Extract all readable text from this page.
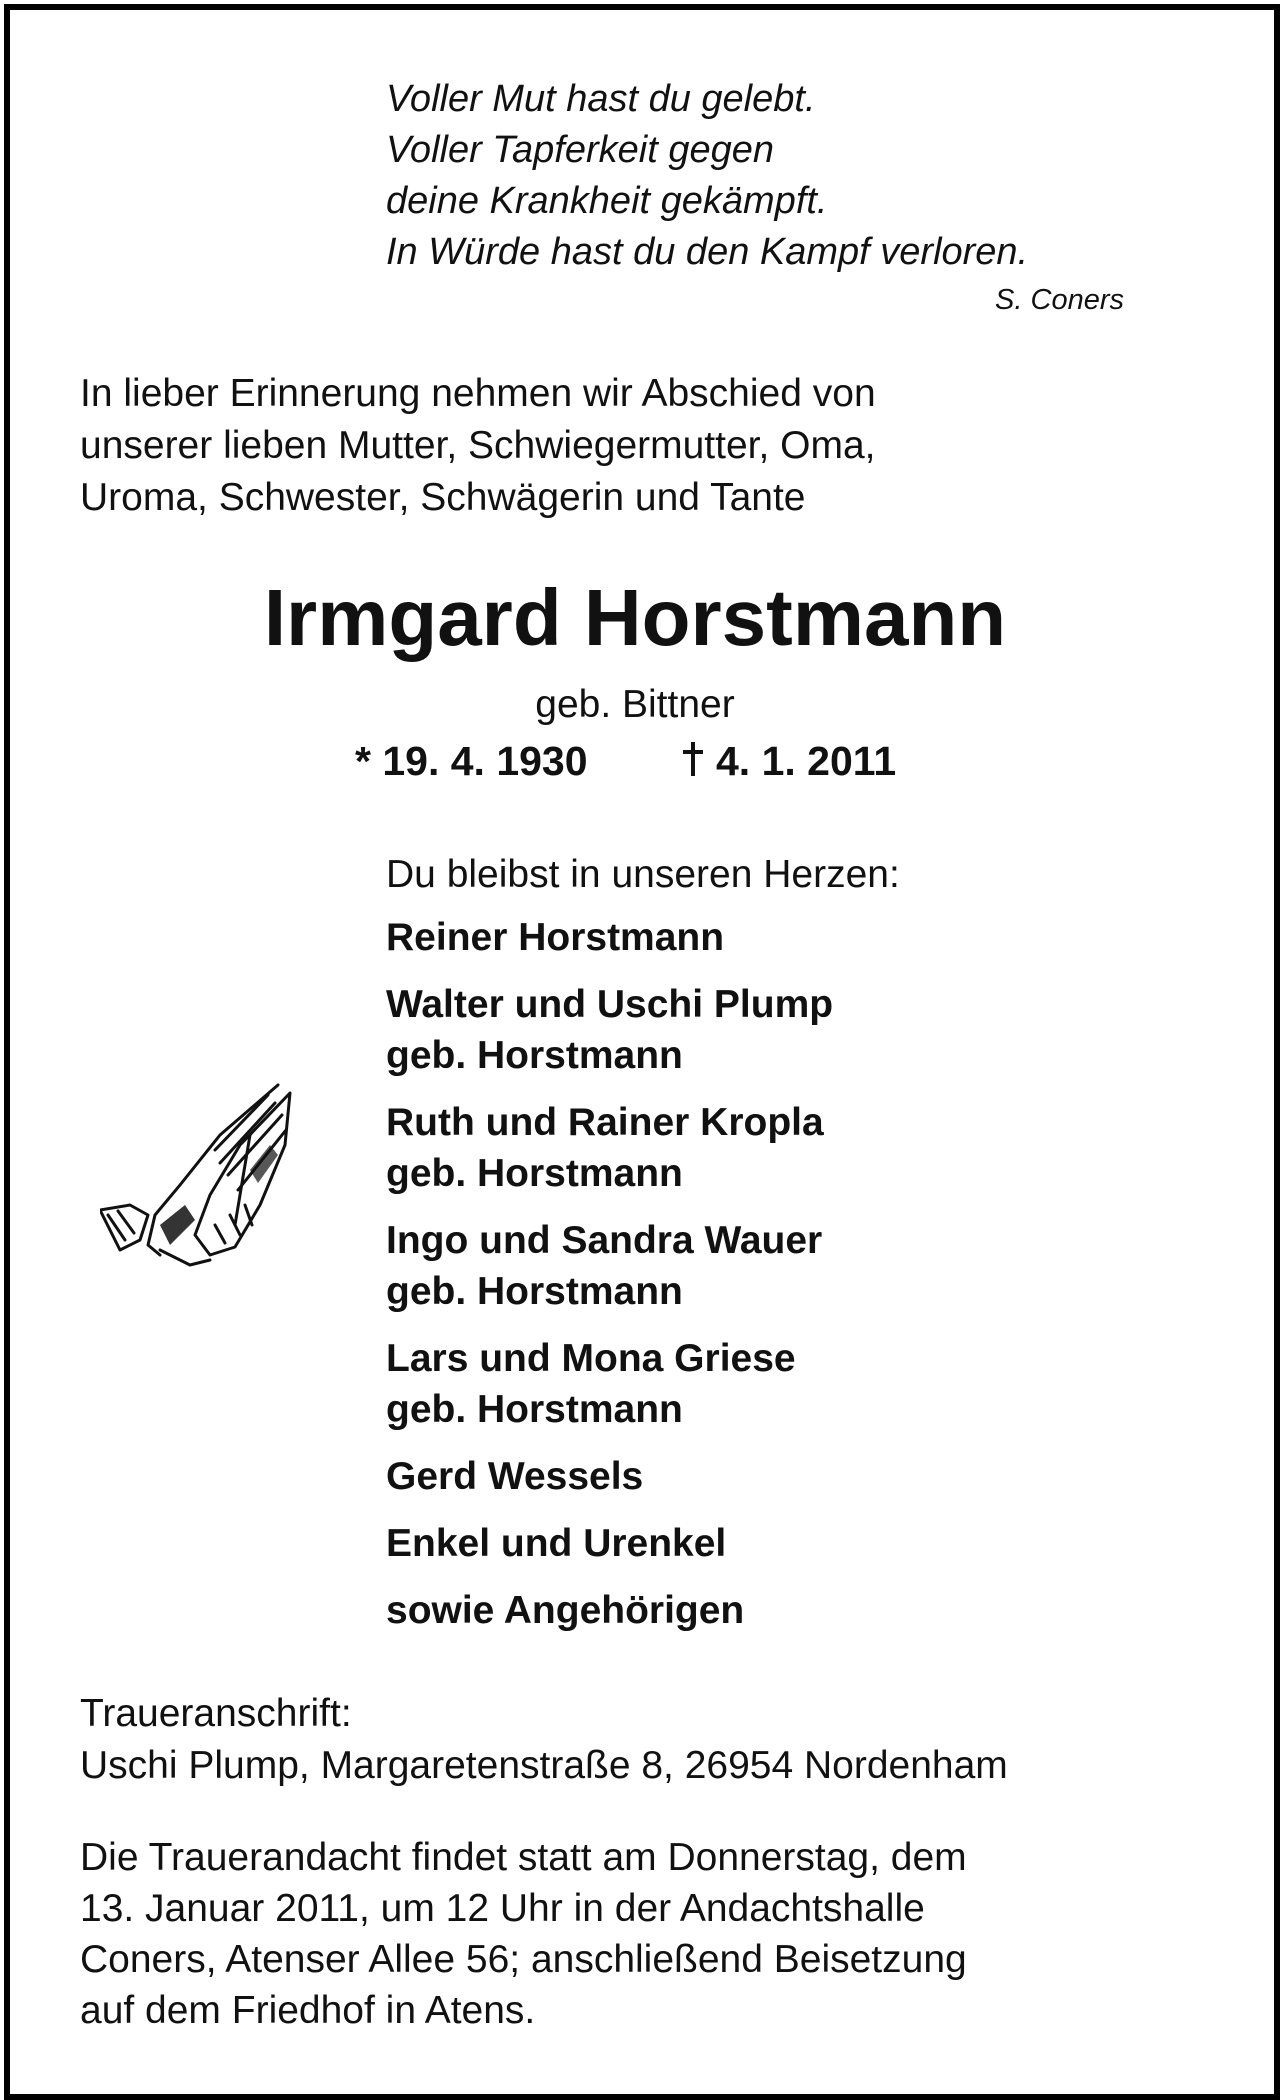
Voller Mut hast du gelebt.
Voller Tapferkeit gegen
deine Krankheit gekämpft.
In Würde hast du den Kampf verloren.
S. Coners
In lieber Erinnerung nehmen wir Abschied von
unserer lieben Mutter, Schwiegermutter, Oma,
Uroma, Schwester, Schwägerin und Tante
Irmgard Horstmann
geb. Bittner
* 19. 4. 1930	4. 1. 2011
Du bleibst in unseren Herzen:
Reiner Horstmann
Walter und Uschi Plump
geb. Horstmann
Ruth und Rainer Kropla
geb. Horstmann
Ingo und Sandra Wauer
geb. Horstmann
Lars und Mona Griese
geb. Horstmann
Gerd Wessels
Enkel und Urenkel
sowie Angehörigen
Traueranschrift:
Uschi Plump, Margaretenstraße 8, 26954 Nordenham
Die Trauerandacht findet statt am Donnerstag, dem
13. Januar 2011, um 12 Uhr in der Andachtshalle
Coners, Atenser Allee 56; anschließend Beisetzung
auf dem Friedhof in Atens.
